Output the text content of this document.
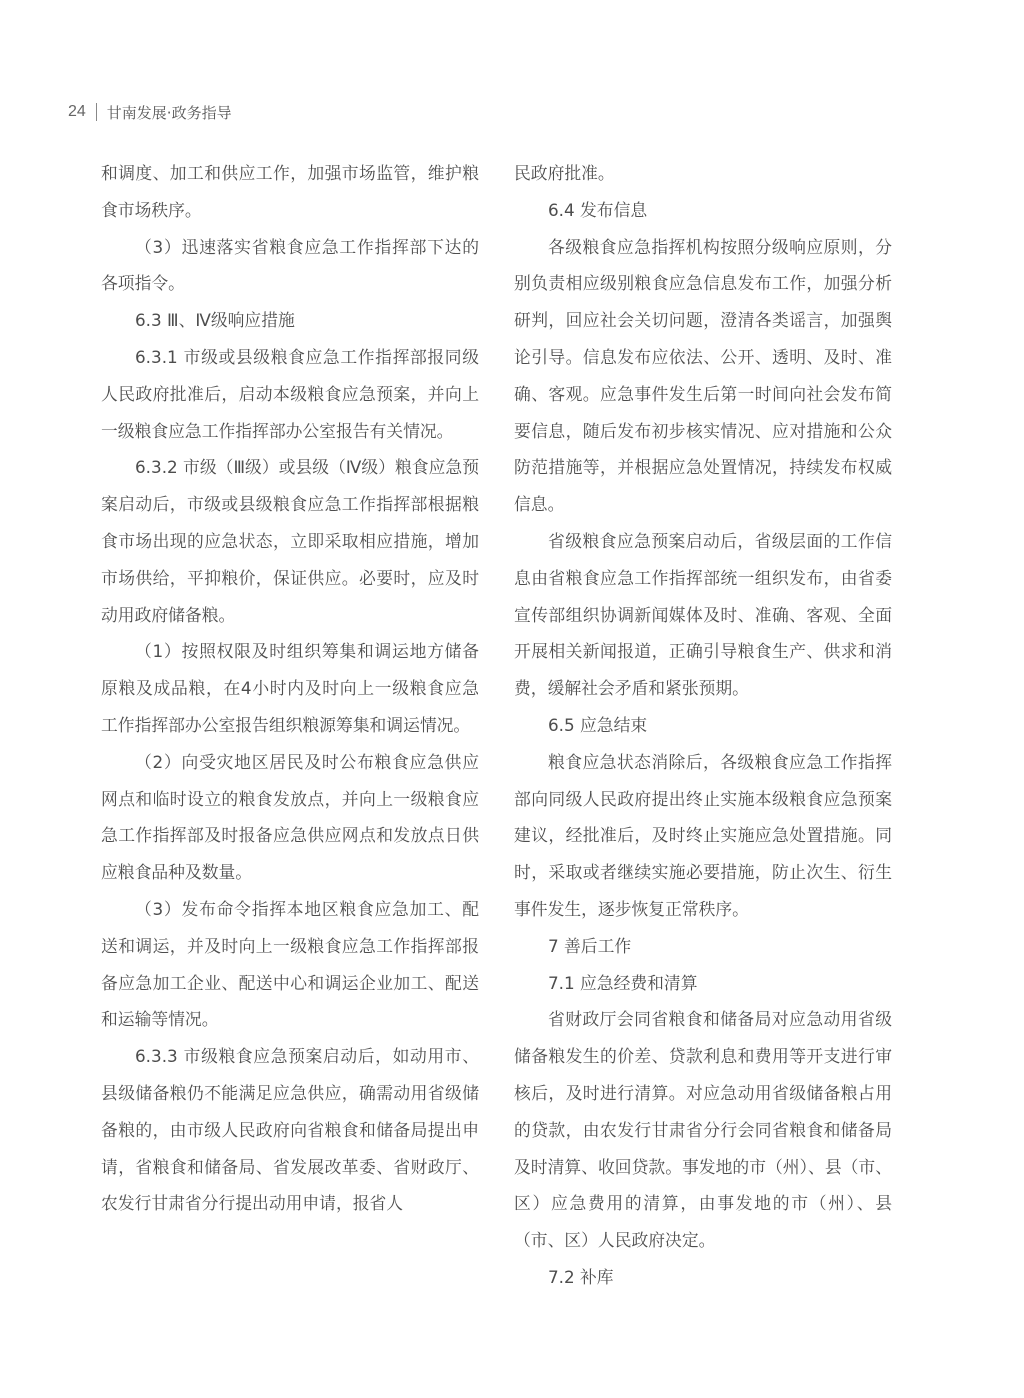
24 甘南发展·政务指导

和调度、加工和供应工作，加强市场监管，维护粮食市场秩序。

（3）迅速落实省粮食应急工作指挥部下达的各项指令。

6.3 Ⅲ、Ⅳ级响应措施

6.3.1 市级或县级粮食应急工作指挥部报同级人民政府批准后，启动本级粮食应急预案，并向上一级粮食应急工作指挥部办公室报告有关情况。

6.3.2 市级（Ⅲ级）或县级（Ⅳ级）粮食应急预案启动后，市级或县级粮食应急工作指挥部根据粮食市场出现的应急状态，立即采取相应措施，增加市场供给，平抑粮价，保证供应。必要时，应及时动用政府储备粮。

（1）按照权限及时组织筹集和调运地方储备原粮及成品粮，在4小时内及时向上一级粮食应急工作指挥部办公室报告组织粮源筹集和调运情况。

（2）向受灾地区居民及时公布粮食应急供应网点和临时设立的粮食发放点，并向上一级粮食应急工作指挥部及时报备应急供应网点和发放点日供应粮食品种及数量。

（3）发布命令指挥本地区粮食应急加工、配送和调运，并及时向上一级粮食应急工作指挥部报备应急加工企业、配送中心和调运企业加工、配送和运输等情况。

6.3.3 市级粮食应急预案启动后，如动用市、县级储备粮仍不能满足应急供应，确需动用省级储备粮的，由市级人民政府向省粮食和储备局提出申请，省粮食和储备局、省发展改革委、省财政厅、农发行甘肃省分行提出动用申请，报省人

民政府批准。

6.4 发布信息

各级粮食应急指挥机构按照分级响应原则，分别负责相应级别粮食应急信息发布工作，加强分析研判，回应社会关切问题，澄清各类谣言，加强舆论引导。信息发布应依法、公开、透明、及时、准确、客观。应急事件发生后第一时间向社会发布简要信息，随后发布初步核实情况、应对措施和公众防范措施等，并根据应急处置情况，持续发布权威信息。

省级粮食应急预案启动后，省级层面的工作信息由省粮食应急工作指挥部统一组织发布，由省委宣传部组织协调新闻媒体及时、准确、客观、全面开展相关新闻报道，正确引导粮食生产、供求和消费，缓解社会矛盾和紧张预期。

6.5 应急结束

粮食应急状态消除后，各级粮食应急工作指挥部向同级人民政府提出终止实施本级粮食应急预案建议，经批准后，及时终止实施应急处置措施。同时，采取或者继续实施必要措施，防止次生、衍生事件发生，逐步恢复正常秩序。

7 善后工作

7.1 应急经费和清算

省财政厅会同省粮食和储备局对应急动用省级储备粮发生的价差、贷款利息和费用等开支进行审核后，及时进行清算。对应急动用省级储备粮占用的贷款，由农发行甘肃省分行会同省粮食和储备局及时清算、收回贷款。事发地的市（州）、县（市、区）应急费用的清算，由事发地的市（州）、县（市、区）人民政府决定。

7.2 补库
